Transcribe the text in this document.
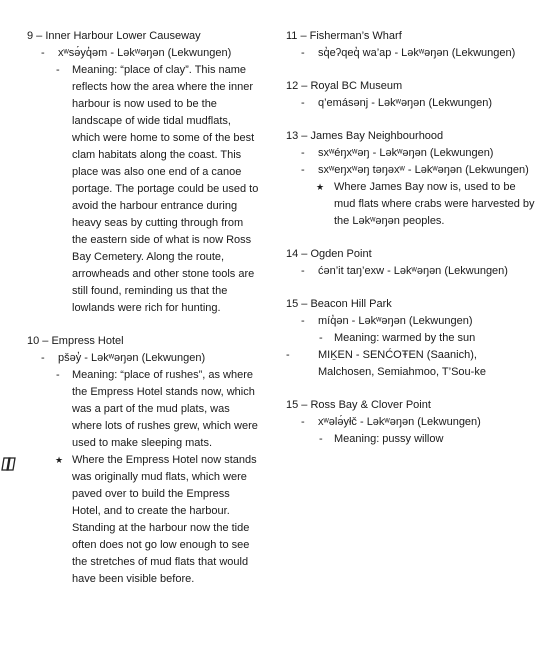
9 – Inner Harbour Lower Causeway

- xʷsə́yq̓əm - Ləkʷəŋən (Lekwungen)
- Meaning: “place of clay”. This name reflects how the area where the inner harbour is now used to be the landscape of wide tidal mudflats, which were home to some of the best clam habitats along the coast. This place was also one end of a canoe portage. The portage could be used to avoid the harbour entrance during heavy seas by cutting through from the eastern side of what is now Ross Bay Cemetery. Along the route, arrowheads and other stone tools are still found, reminding us that the lowlands were rich for hunting.

10 – Empress Hotel

- pšəy̓ - Ləkʷəŋən (Lekwungen)
- Meaning: “place of rushes”, as where the Empress Hotel stands now, which was a part of the mud plats, was where lots of rushes grew, which were used to make sleeping mats.
★ Where the Empress Hotel now stands was originally mud flats, which were paved over to build the Empress Hotel, and to create the harbour. Standing at the harbour now the tide often does not go low enough to see the stretches of mud flats that would have been visible before.

11 – Fisherman’s Wharf

- sq̓eʔqeq̓ wa’ap - Ləkʷəŋən (Lekwungen)

12 – Royal BC Museum

- q’emásənj - Ləkʷəŋən (Lekwungen)

13 – James Bay Neighbourhood

- sxʷéŋxʷəŋ - Ləkʷəŋən (Lekwungen)
- sxʷeŋxʷəŋ təŋəxʷ - Ləkʷəŋən (Lekwungen)
★ Where James Bay now is, used to be mud flats where crabs were harvested by the Ləkʷəŋən peoples.

14 – Ogden Point

- ćən’it taŋ’exw - Ləkʷəŋən (Lekwungen)

15 – Beacon Hill Park

- míq̓ən - Ləkʷəŋən (Lekwungen)
- Meaning: warmed by the sun
-	MIḴEN - SENĆOŦEN (Saanich), Malchosen, Semiahmoo, T’Sou-ke

15 – Ross Bay & Clover Point

- xʷələ́yłč - Ləkʷəŋən (Lekwungen)
- Meaning: pussy willow
